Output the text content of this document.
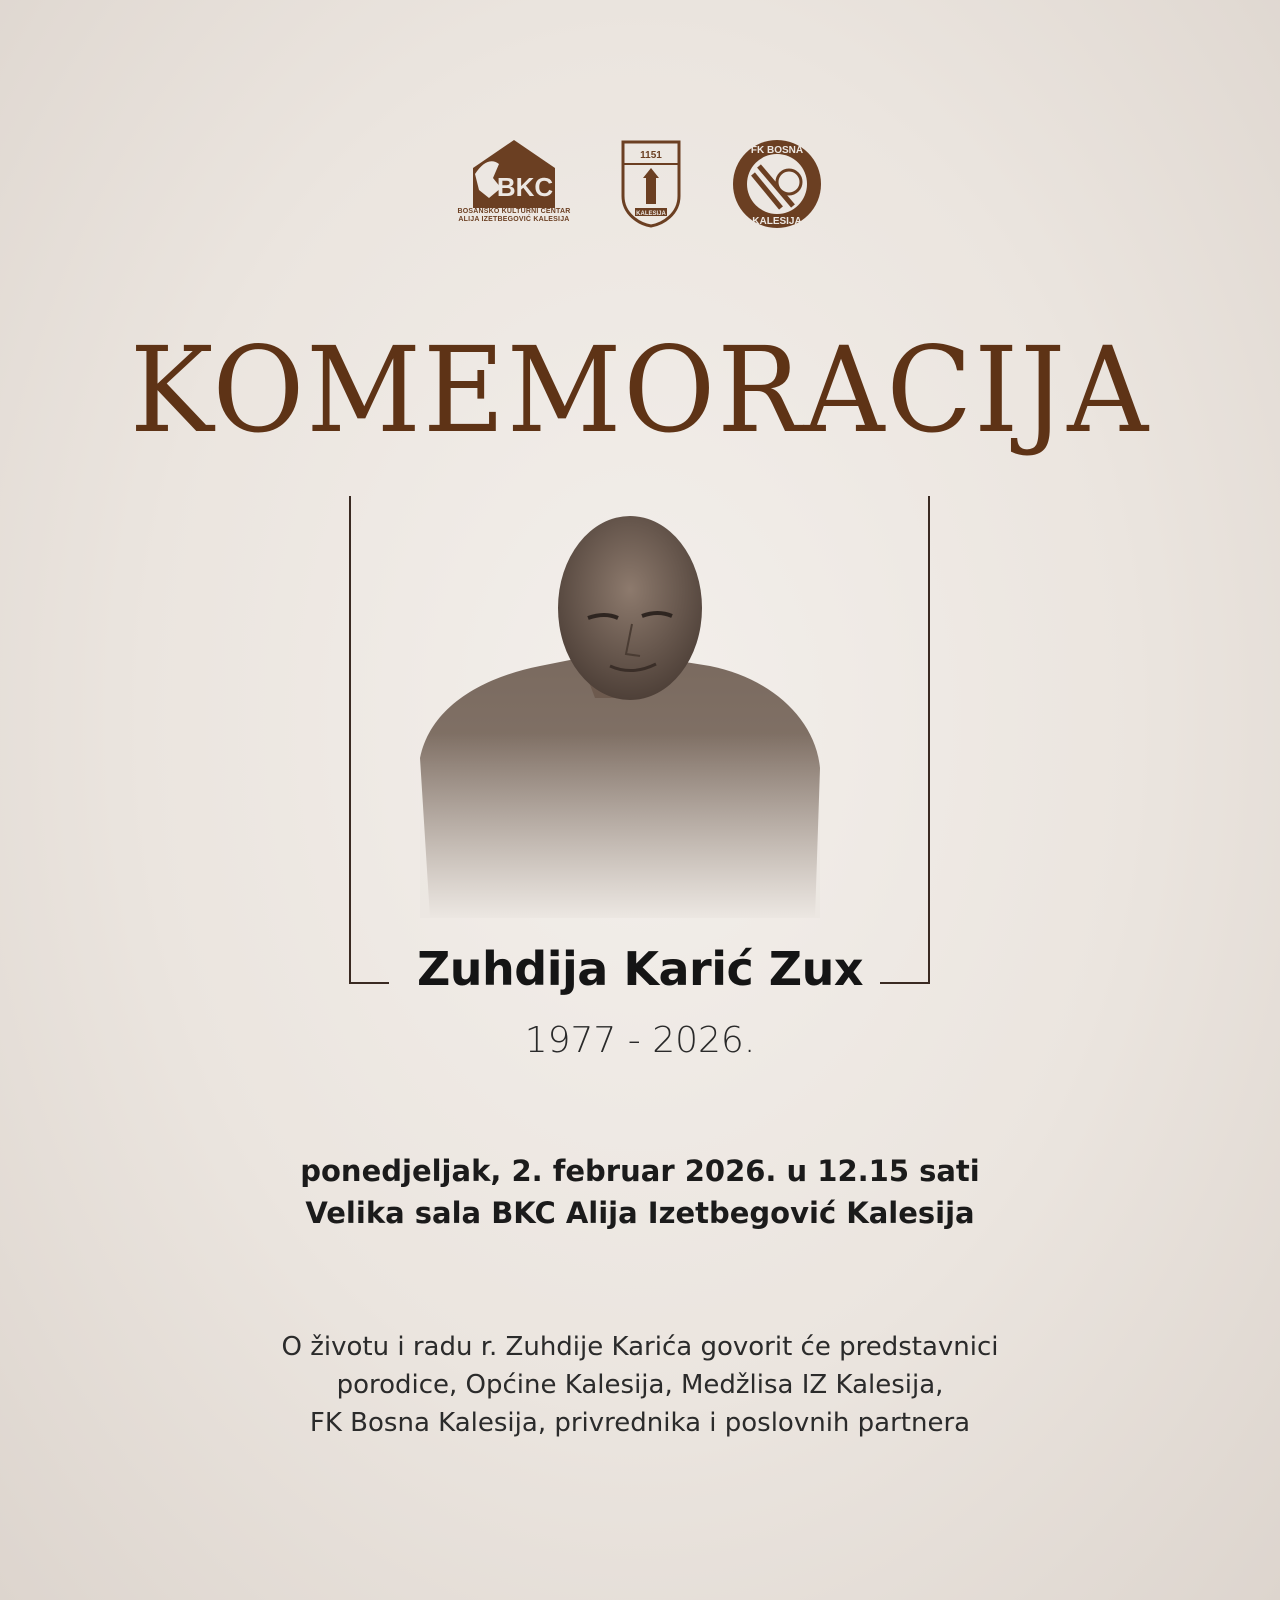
BKC
BOSANSKO KULTURNI CENTAR
ALIJA IZETBEGOVIĆ KALESIJA
1151
KALESIJA
FK BOSNA
KALESIJA
KOMEMORACIJA
Zuhdija Karić Zux
1977 - 2026.
ponedjeljak, 2. februar 2026. u 12.15 sati
Velika sala BKC Alija Izetbegović Kalesija
O životu i radu r. Zuhdije Karića govorit će predstavnici
porodice, Općine Kalesija, Medžlisa IZ Kalesija,
FK Bosna Kalesija, privrednika i poslovnih partnera
